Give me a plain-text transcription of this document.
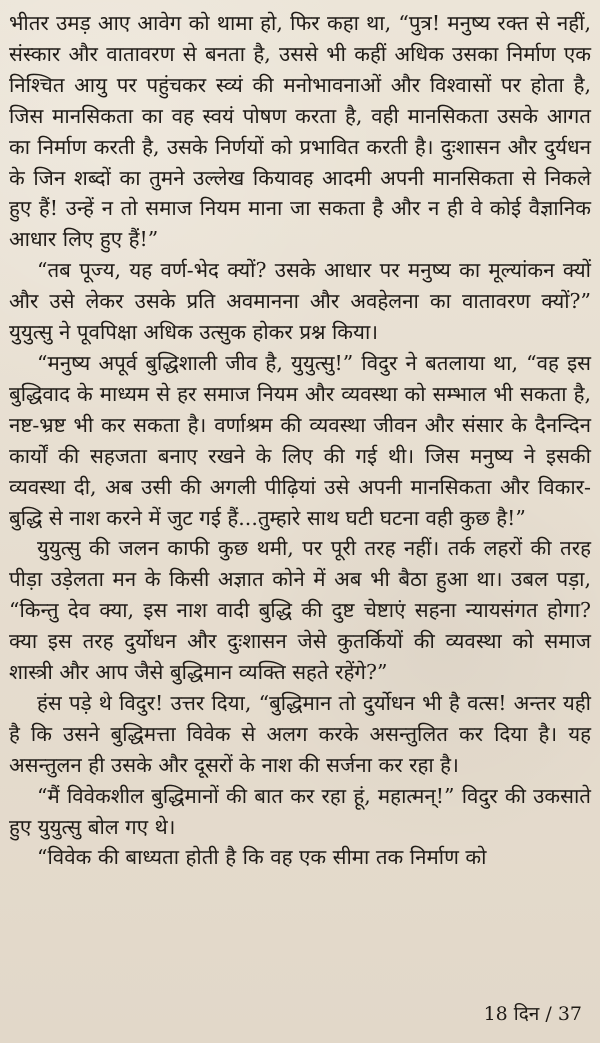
भीतर उमड़ आए आवेग को थामा हो, फिर कहा था, “पुत्र! मनुष्य रक्त से नहीं, संस्कार और वातावरण से बनता है, उससे भी कहीं अधिक उसका निर्माण एक निश्चित आयु पर पहुंचकर स्व्यं की मनोभावनाओं और विश्वासों पर होता है, जिस मानसिकता का वह स्वयं पोषण करता है, वही मानसिकता उसके आगत का निर्माण करती है, उसके निर्णयों को प्रभावित करती है। दुःशासन और दुर्यधन के जिन शब्दों का तुमने उल्लेख कियावह आदमी अपनी मानसिकता से निकले हुए हैं! उन्हें न तो समाज नियम माना जा सकता है और न ही वे कोई वैज्ञानिक आधार लिए हुए हैं!”

“तब पूज्य, यह वर्ण-भेद क्यों? उसके आधार पर मनुष्य का मूल्यांकन क्यों और उसे लेकर उसके प्रति अवमानना और अवहेलना का वातावरण क्यों?” युयुत्सु ने पूवपिक्षा अधिक उत्सुक होकर प्रश्न किया।

“मनुष्य अपूर्व बुद्धिशाली जीव है, युयुत्सु!” विदुर ने बतलाया था, “वह इस बुद्धिवाद के माध्यम से हर समाज नियम और व्यवस्था को सम्भाल भी सकता है, नष्ट-भ्रष्ट भी कर सकता है। वर्णाश्रम की व्यवस्था जीवन और संसार के दैनन्दिन कार्यों की सहजता बनाए रखने के लिए की गई थी। जिस मनुष्य ने इसकी व्यवस्था दी, अब उसी की अगली पीढ़ियां उसे अपनी मानसिकता और विकार-बुद्धि से नाश करने में जुट गई हैं...तुम्हारे साथ घटी घटना वही कुछ है!”

युयुत्सु की जलन काफी कुछ थमी, पर पूरी तरह नहीं। तर्क लहरों की तरह पीड़ा उड़ेलता मन के किसी अज्ञात कोने में अब भी बैठा हुआ था। उबल पड़ा, “किन्तु देव क्या, इस नाश वादी बुद्धि की दुष्ट चेष्टाएं सहना न्यायसंगत होगा? क्या इस तरह दुर्योधन और दुःशासन जेसे कुतर्कियों की व्यवस्था को समाज शास्त्री और आप जैसे बुद्धिमान व्यक्ति सहते रहेंगे?”

हंस पड़े थे विदुर! उत्तर दिया, “बुद्धिमान तो दुर्योधन भी है वत्स! अन्तर यही है कि उसने बुद्धिमत्ता विवेक से अलग करके असन्तुलित कर दिया है। यह असन्तुलन ही उसके और दूसरों के नाश की सर्जना कर रहा है।

“मैं विवेकशील बुद्धिमानों की बात कर रहा हूं, महात्मन्!” विदुर की उकसाते हुए युयुत्सु बोल गए थे।

“विवेक की बाध्यता होती है कि वह एक सीमा तक निर्माण को

18 दिन / 37
